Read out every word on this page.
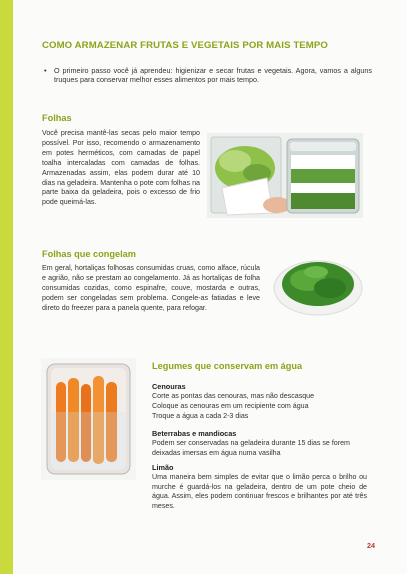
COMO ARMAZENAR FRUTAS E VEGETAIS POR MAIS TEMPO
• O primeiro passo você já aprendeu: higienizar e secar frutas e vegetais. Agora, vamos a alguns truques para conservar melhor esses alimentos por mais tempo.
Folhas
Você precisa mantê-las secas pelo maior tempo possível. Por isso, recomendo o armazenamento em potes herméticos, com camadas de papel toalha intercaladas com camadas de folhas. Armazenadas assim, elas podem durar até 10 dias na geladeira. Mantenha o pote com folhas na parte baixa da geladeira, pois o excesso de frio pode queimá-las.
Folhas que congelam
Em geral, hortaliças folhosas consumidas cruas, como alface, rúcula e agrião, não se prestam ao congelamento. Já as hortaliças de folha consumidas cozidas, como espinafre, couve, mostarda e outras, podem ser congeladas sem problema. Congele-as fatiadas e leve direto do freezer para a panela quente, para refogar.
Legumes que conservam em água
Cenouras
Corte as pontas das cenouras, mas não descasque
Coloque as cenouras em um recipiente com água
Troque a água a cada 2-3 dias
Beterrabas e mandiocas
Podem ser conservadas na geladeira durante 15 dias se forem deixadas imersas em água numa vasilha
Limão
Uma maneira bem simples de evitar que o limão perca o brilho ou murche é guardá-los na geladeira, dentro de um pote cheio de água. Assim, eles podem continuar frescos e brilhantes por até três meses.
24
